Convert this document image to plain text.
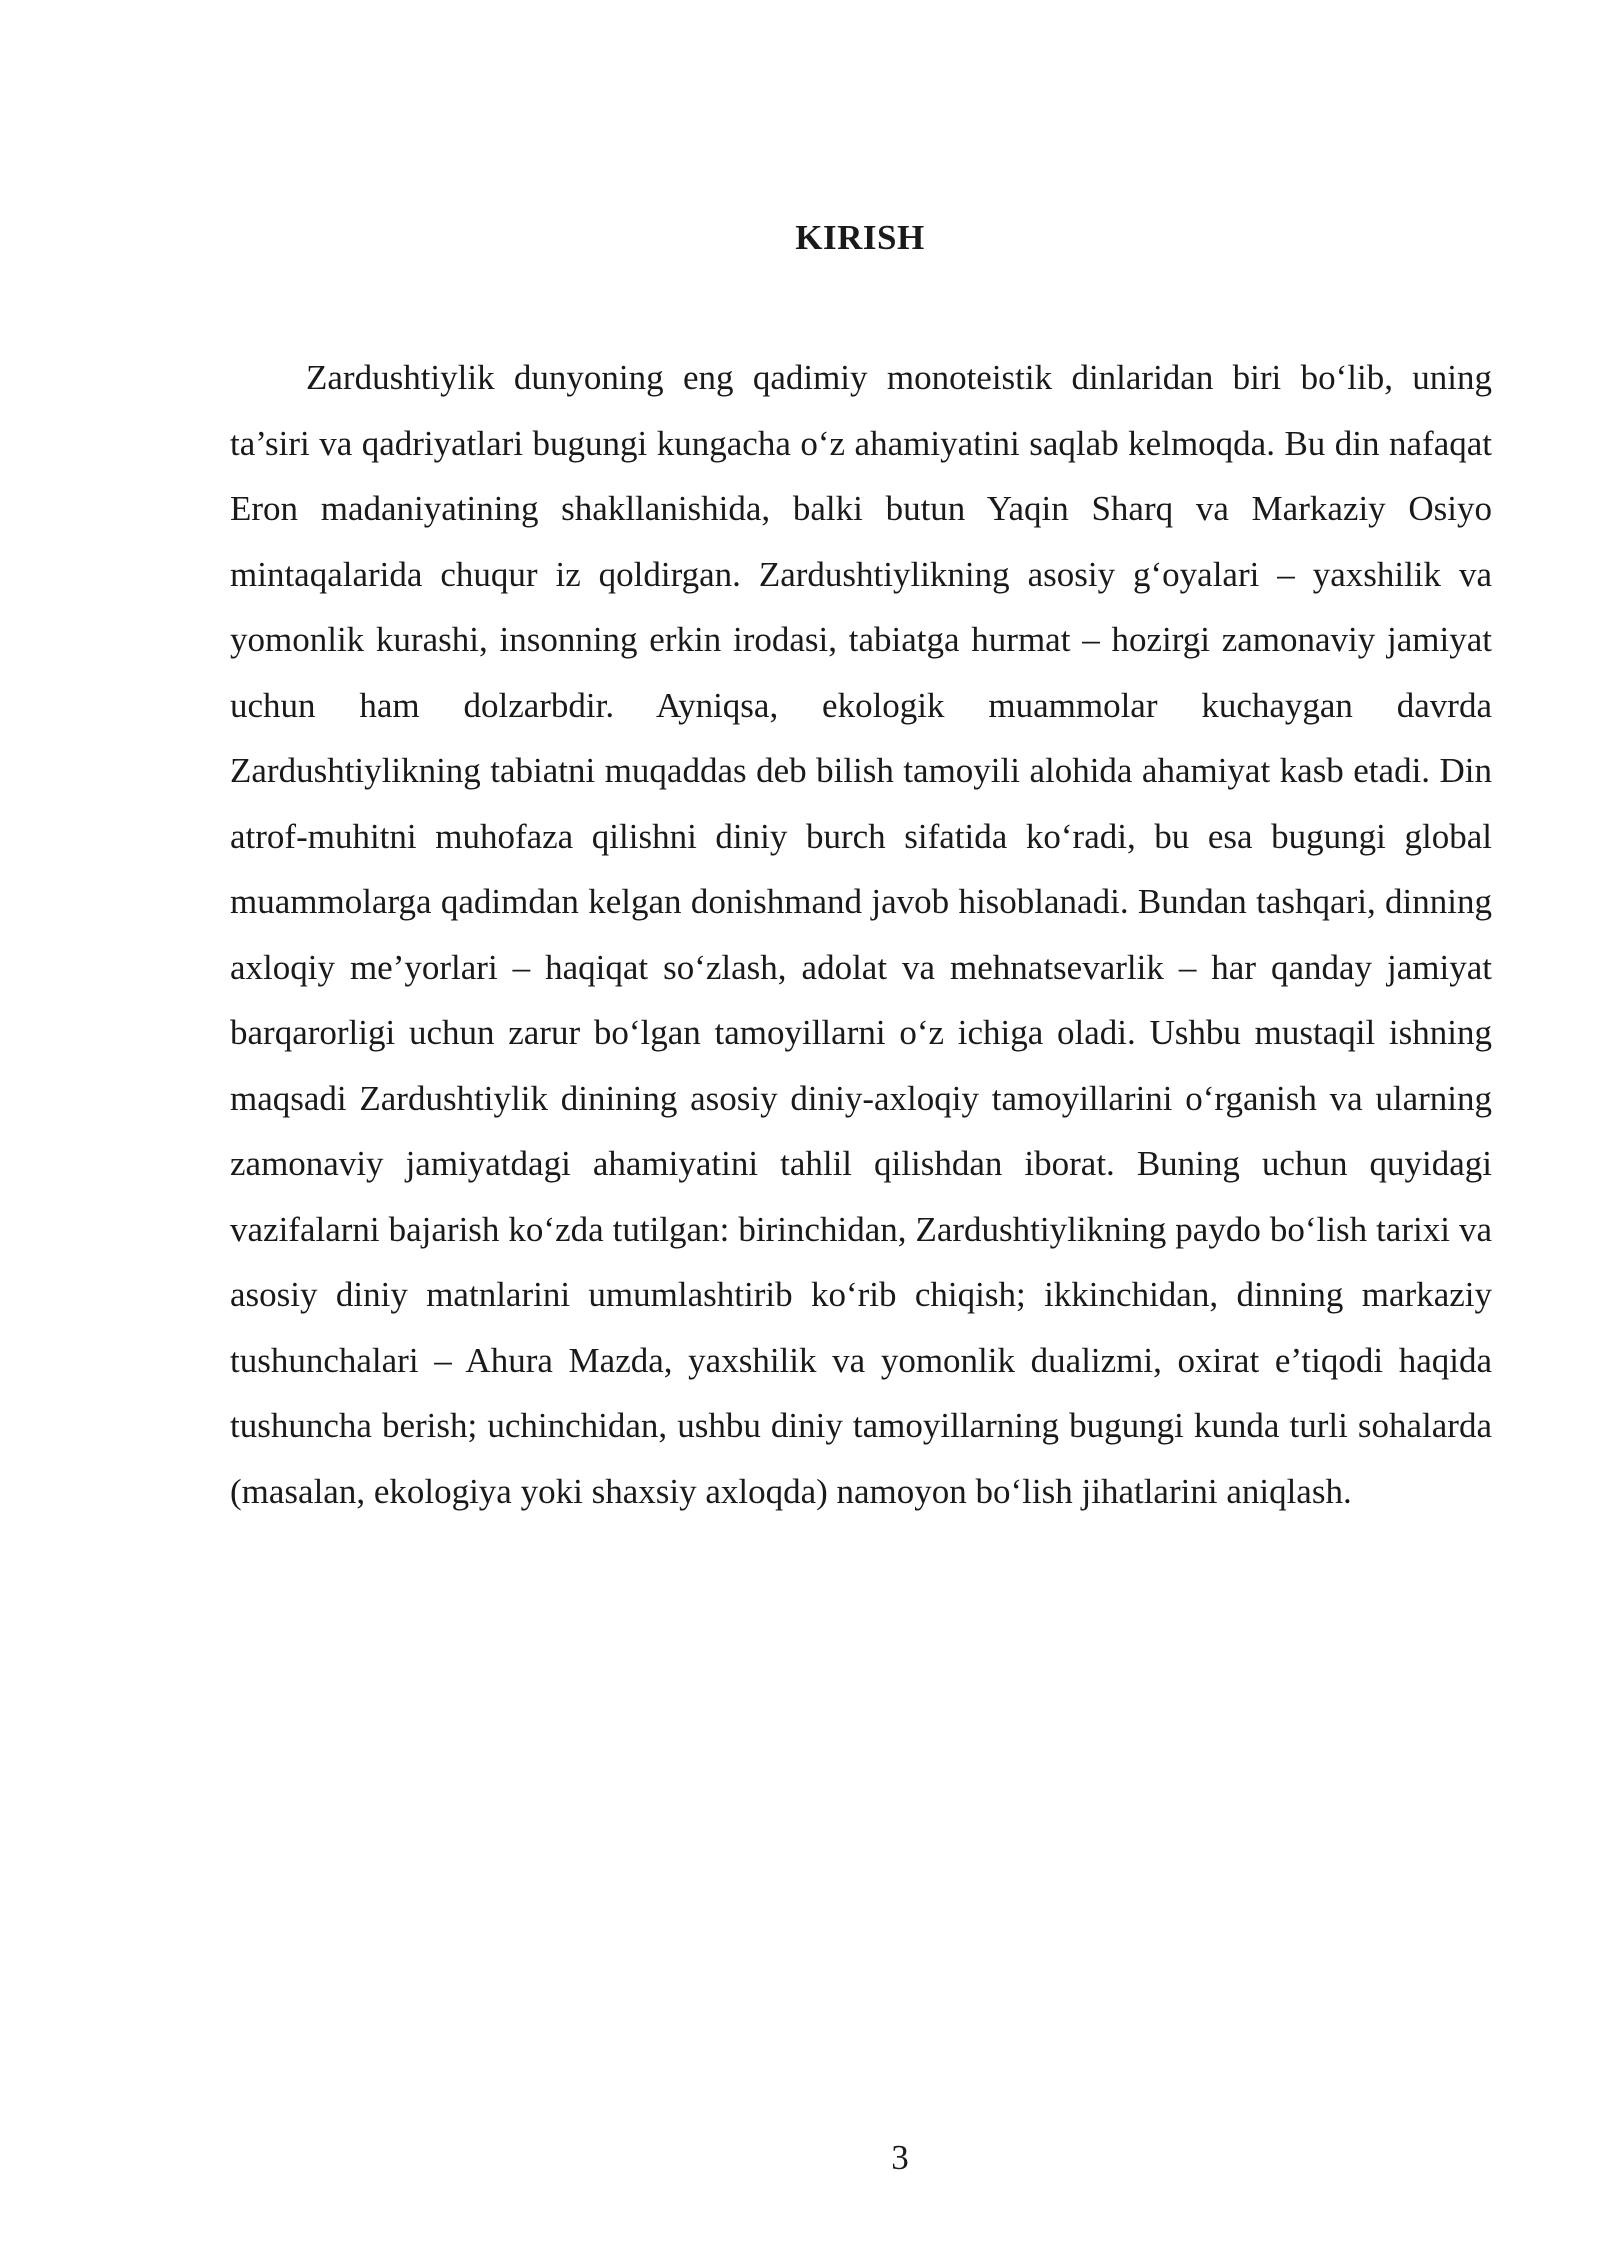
KIRISH

Zardushtiylik dunyoning eng qadimiy monoteistik dinlaridan biri bo‘lib, uning ta’siri va qadriyatlari bugungi kungacha o‘z ahamiyatini saqlab kelmoqda. Bu din nafaqat Eron madaniyatining shakllanishida, balki butun Yaqin Sharq va Markaziy Osiyo mintaqalarida chuqur iz qoldirgan. Zardushtiylikning asosiy g‘oyalari – yaxshilik va yomonlik kurashi, insonning erkin irodasi, tabiatga hurmat – hozirgi zamonaviy jamiyat uchun ham dolzarbdir. Ayniqsa, ekologik muammolar kuchaygan davrda Zardushtiylikning tabiatni muqaddas deb bilish tamoyili alohida ahamiyat kasb etadi. Din atrof-muhitni muhofaza qilishni diniy burch sifatida ko‘radi, bu esa bugungi global muammolarga qadimdan kelgan donishmand javob hisoblanadi. Bundan tashqari, dinning axloqiy me’yorlari – haqiqat so‘zlash, adolat va mehnatsevarlik – har qanday jamiyat barqarorligi uchun zarur bo‘lgan tamoyillarni o‘z ichiga oladi. Ushbu mustaqil ishning maqsadi Zardushtiylik dinining asosiy diniy-axloqiy tamoyillarini o‘rganish va ularning zamonaviy jamiyatdagi ahamiyatini tahlil qilishdan iborat. Buning uchun quyidagi vazifalarni bajarish ko‘zda tutilgan: birinchidan, Zardushtiylikning paydo bo‘lish tarixi va asosiy diniy matnlarini umumlashtirib ko‘rib chiqish; ikkinchidan, dinning markaziy tushunchalari – Ahura Mazda, yaxshilik va yomonlik dualizmi, oxirat e’tiqodi haqida tushuncha berish; uchinchidan, ushbu diniy tamoyillarning bugungi kunda turli sohalarda (masalan, ekologiya yoki shaxsiy axloqda) namoyon bo‘lish jihatlarini aniqlash.

3
